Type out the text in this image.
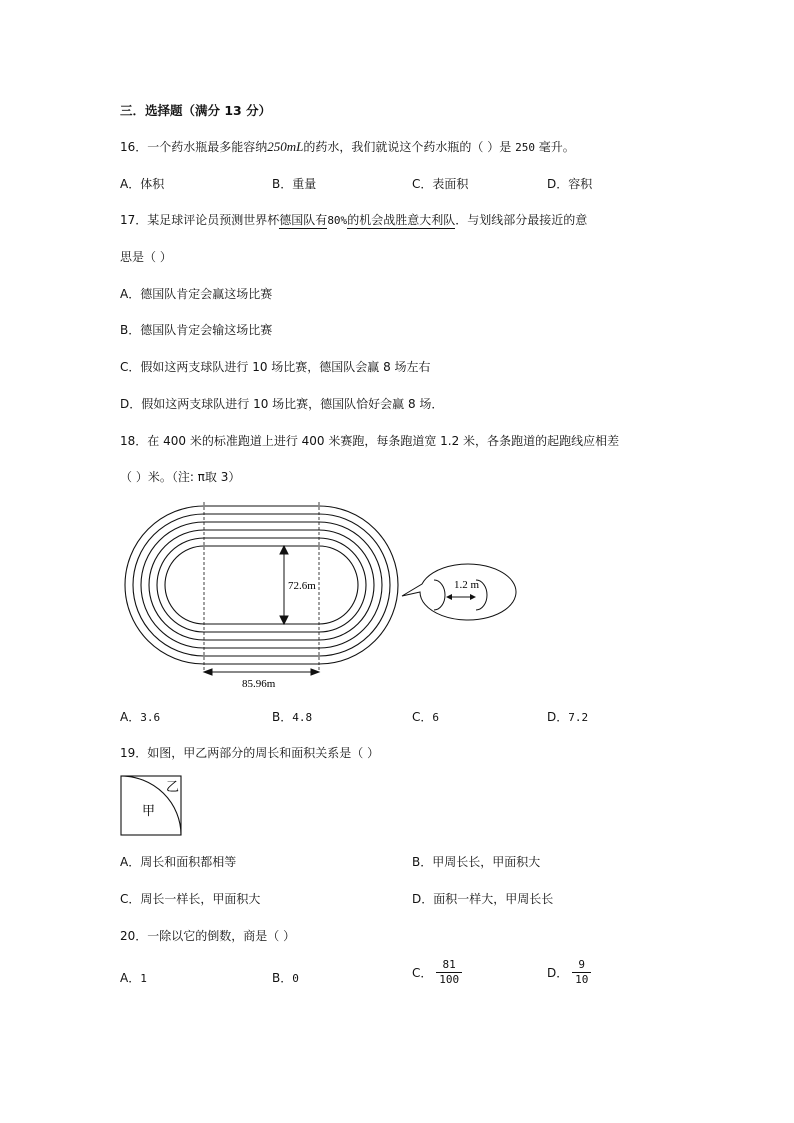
三．选择题（满分 13 分）
16．一个药水瓶最多能容纳250mL的药水，我们就说这个药水瓶的（ ）是 250 毫升。
A．体积	B．重量	C．表面积	D．容积
17．某足球评论员预测世界杯德国队有80%的机会战胜意大利队．与划线部分最接近的意
思是（ ）
A．德国队肯定会赢这场比赛
B．德国队肯定会输这场比赛
C．假如这两支球队进行 10 场比赛，德国队会赢 8 场左右
D．假如这两支球队进行 10 场比赛，德国队恰好会赢 8 场．
18．在 400 米的标准跑道上进行 400 米赛跑，每条跑道宽 1.2 米，各条跑道的起跑线应相差
（ ）米。（注: π取 3）
72.6m
85.96m
1.2 m
A．3.6	B．4.8	C．6	D．7.2
19．如图，甲乙两部分的周长和面积关系是（ ）
甲
乙
A．周长和面积都相等	B．甲周长长，甲面积大
C．周长一样长，甲面积大	D．面积一样大，甲周长长
20．一除以它的倒数，商是（ ）
A．1	B．0	C． $\frac{81}{100}$	D． $\frac{9}{10}$
